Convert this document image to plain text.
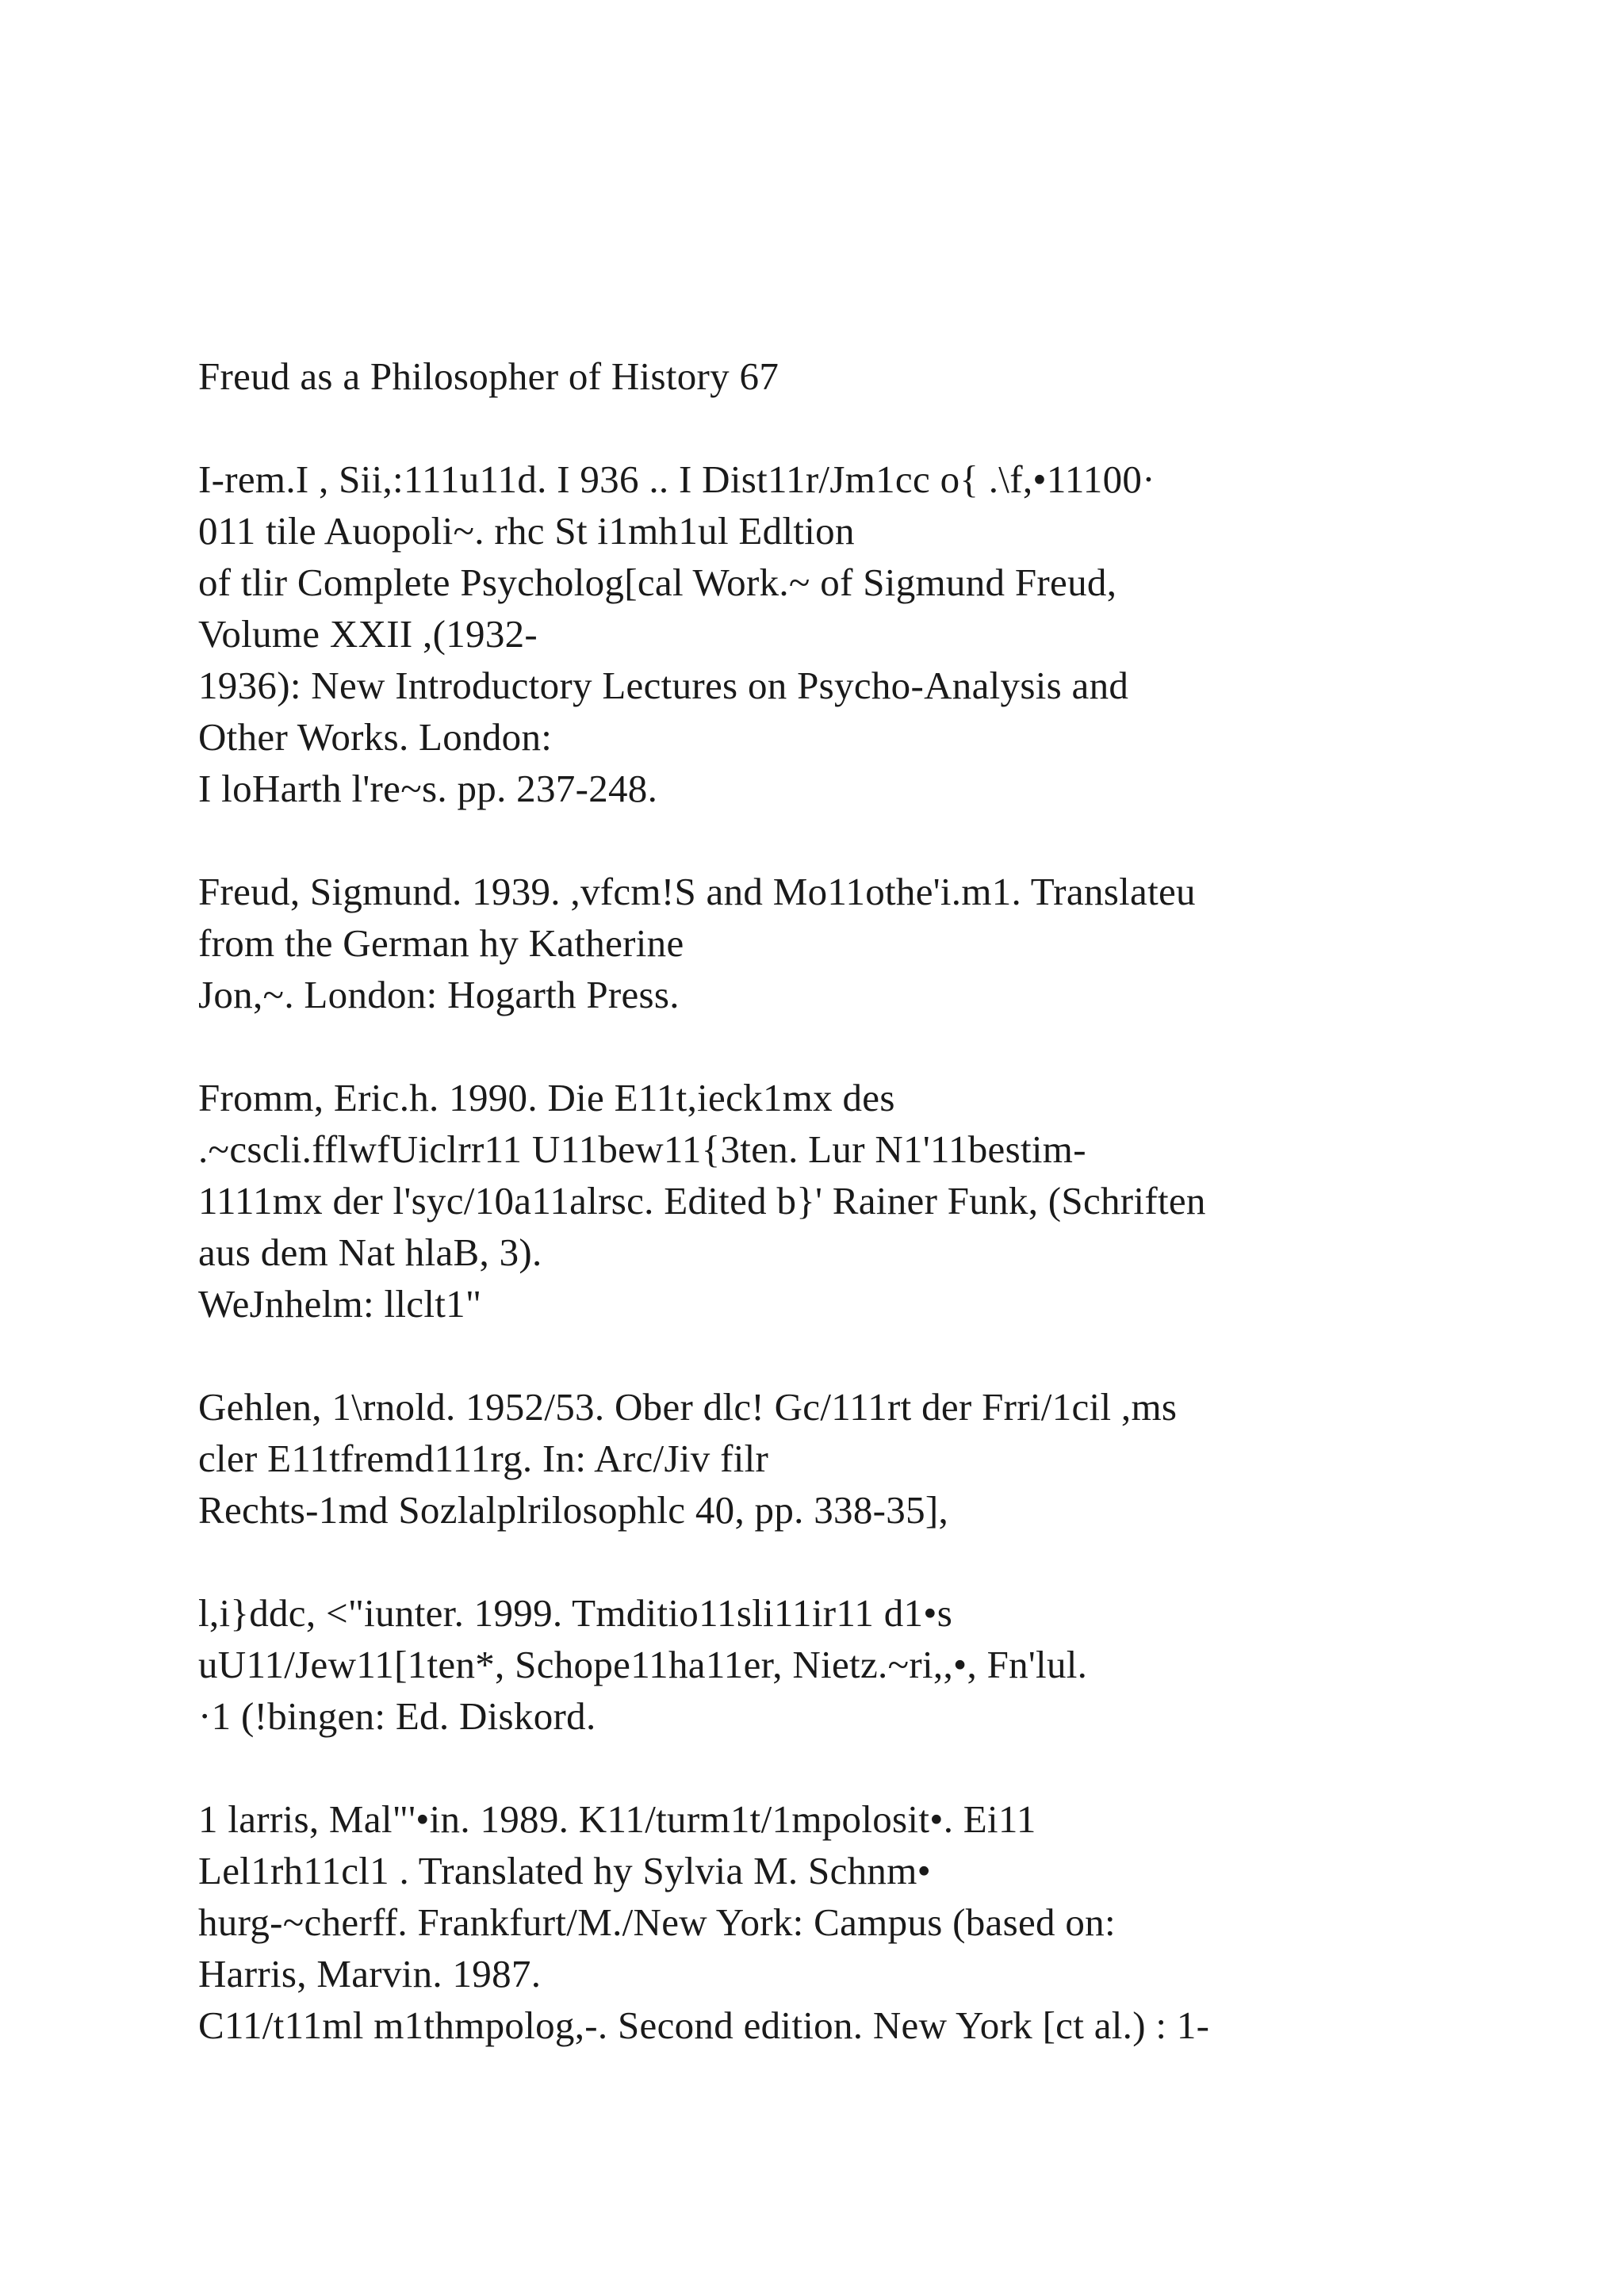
Freud as a Philosopher of History 67
I-rem.I , Sii,:111u11d. I 936 .. I Dist11r/Jm1cc o{ .\f,•11100·
011 tile Auopoli~. rhc St i1mh1ul Edltion
of tlir Complete Psycholog[cal Work.~ of Sigmund Freud,
Volume XXII ,(1932-
1936): New Introductory Lectures on Psycho-Analysis and
Other Works. London:
I loHarth l're~s. pp. 237-248.
Freud, Sigmund. 1939. ,vfcm!S and Mo11othe'i.m1. Translateu
from the German hy Katherine
Jon,~. London: Hogarth Press.
Fromm, Eric.h. 1990. Die E11t,ieck1mx des
.~cscli.fflwfUiclrr11 U11bew11{3ten. Lur N1'11bestim-
1111mx der l'syc/10a11alrsc. Edited b}' Rainer Funk, (Schriften
aus dem Nat hlaB, 3).
WeJnhelm: llclt1"
Gehlen, 1\rnold. 1952/53. Ober dlc! Gc/111rt der Frri/1cil ,ms
cler E11tfremd111rg. In: Arc/Jiv filr
Rechts-1md Sozlalplrilosophlc 40, pp. 338-35],
l,i}ddc, <"iunter. 1999. Tmditio11sli11ir11 d1•s
uU11/Jew11[1ten*, Schope11ha11er, Nietz.~ri,,•, Fn'lul.
·1 (!bingen: Ed. Diskord.
1 larris, Mal"'•in. 1989. K11/turm1t/1mpolosit•. Ei11
Lel1rh11cl1 . Translated hy Sylvia M. Schnm•
hurg-~cherff. Frankfurt/M./New York: Campus (based on:
Harris, Marvin. 1987.
C11/t11ml m1thmpolog,-. Second edition. New York [ct al.) : 1-
